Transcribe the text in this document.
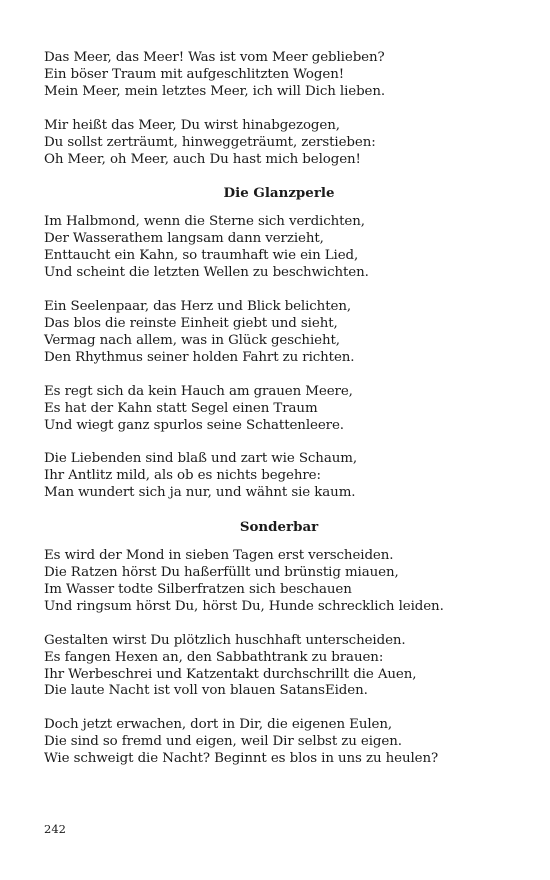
Das Meer, das Meer! Was ist vom Meer geblieben?
Ein böser Traum mit aufgeschlitzten Wogen!
Mein Meer, mein letztes Meer, ich will Dich lieben.
Mir heißt das Meer, Du wirst hinabgezogen,
Du sollst zerträumt, hinweggeträumt, zerstieben:
Oh Meer, oh Meer, auch Du hast mich belogen!
Die Glanzperle
Im Halbmond, wenn die Sterne sich verdichten,
Der Wasserathem langsam dann verzieht,
Enttaucht ein Kahn, so traumhaft wie ein Lied,
Und scheint die letzten Wellen zu beschwichten.
Ein Seelenpaar, das Herz und Blick belichten,
Das blos die reinste Einheit giebt und sieht,
Vermag nach allem, was in Glück geschieht,
Den Rhythmus seiner holden Fahrt zu richten.
Es regt sich da kein Hauch am grauen Meere,
Es hat der Kahn statt Segel einen Traum
Und wiegt ganz spurlos seine Schattenleere.
Die Liebenden sind blaß und zart wie Schaum,
Ihr Antlitz mild, als ob es nichts begehre:
Man wundert sich ja nur, und wähnt sie kaum.
Sonderbar
Es wird der Mond in sieben Tagen erst verscheiden.
Die Ratzen hörst Du haßerfüllt und brünstig miauen,
Im Wasser todte Silberfratzen sich beschauen
Und ringsum hörst Du, hörst Du, Hunde schrecklich leiden.
Gestalten wirst Du plötzlich huschhaft unterscheiden.
Es fangen Hexen an, den Sabbathtrank zu brauen:
Ihr Werbeschrei und Katzentakt durchschrillt die Auen,
Die laute Nacht ist voll von blauen SatansEiden.
Doch jetzt erwachen, dort in Dir, die eigenen Eulen,
Die sind so fremd und eigen, weil Dir selbst zu eigen.
Wie schweigt die Nacht? Beginnt es blos in uns zu heulen?
242
